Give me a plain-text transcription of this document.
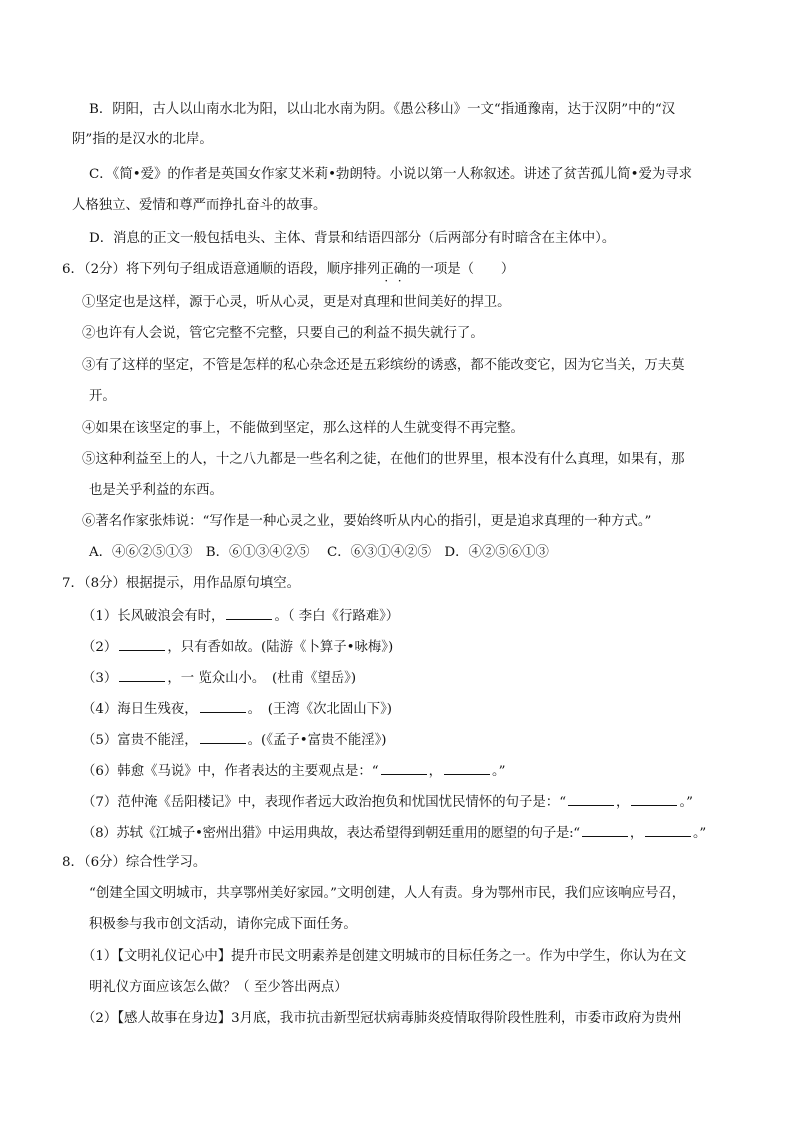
B．阴阳，古人以山南水北为阳，以山北水南为阴。《愚公移山》一文“指通豫南，达于汉阴”中的“汉
阴”指的是汉水的北岸。
C．《简•爱》的作者是英国女作家艾米莉•勃朗特。小说以第一人称叙述。讲述了贫苦孤儿简•爱为寻求
人格独立、爱情和尊严而挣扎奋斗的故事。
D．消息的正文一般包括电头、主体、背景和结语四部分（后两部分有时暗含在主体中）。
6．（2分）将下列句子组成语意通顺的语段，顺序排列正确的一项是（　　）
①坚定也是这样，源于心灵，听从心灵，更是对真理和世间美好的捍卫。
②也许有人会说，管它完整不完整，只要自己的利益不损失就行了。
③有了这样的坚定，不管是怎样的私心杂念还是五彩缤纷的诱惑，都不能改变它，因为它当关，万夫莫
开。
④如果在该坚定的事上，不能做到坚定，那么这样的人生就变得不再完整。
⑤这种利益至上的人，十之八九都是一些名利之徒，在他们的世界里，根本没有什么真理，如果有，那
也是关乎利益的东西。
⑥著名作家张炜说：“写作是一种心灵之业，要始终听从内心的指引，更是追求真理的一种方式。”
A．④⑥②⑤①③　B．⑥①③④②⑤　 C．⑥③①④②⑤　D．④②⑤⑥①③
7．（8分）根据提示，用作品原句填空。
（1）长风破浪会有时，	。（ 李白《行路难》）
（2）	，只有香如故。(陆游《卜算子•咏梅》)
（3）	，一 览众山小。　(杜甫《望岳》)
（4）海日生残夜，	。　(王湾《次北固山下》)
（5）富贵不能淫，	。(《孟子•富贵不能淫》)
（6）韩愈《马说》中，作者表达的主要观点是：“	，	。”
（7）范仲淹《岳阳楼记》中，表现作者远大政治抱负和忧国忧民情怀的句子是：“	，	。”
（8）苏轼《江城子•密州出猎》中运用典故，表达希望得到朝廷重用的愿望的句子是:“	，	。”
8．（6分）综合性学习。
“创建全国文明城市，共享鄂州美好家园。”文明创建，人人有责。身为鄂州市民，我们应该响应号召，
积极参与我市创文活动，请你完成下面任务。
（1）【文明礼仪记心中】提升市民文明素养是创建文明城市的目标任务之一。作为中学生，你认为在文
明礼仪方面应该怎么做？（ 至少答出两点）
（2）【感人故事在身边】3月底，我市抗击新型冠状病毒肺炎疫情取得阶段性胜利，市委市政府为贵州
